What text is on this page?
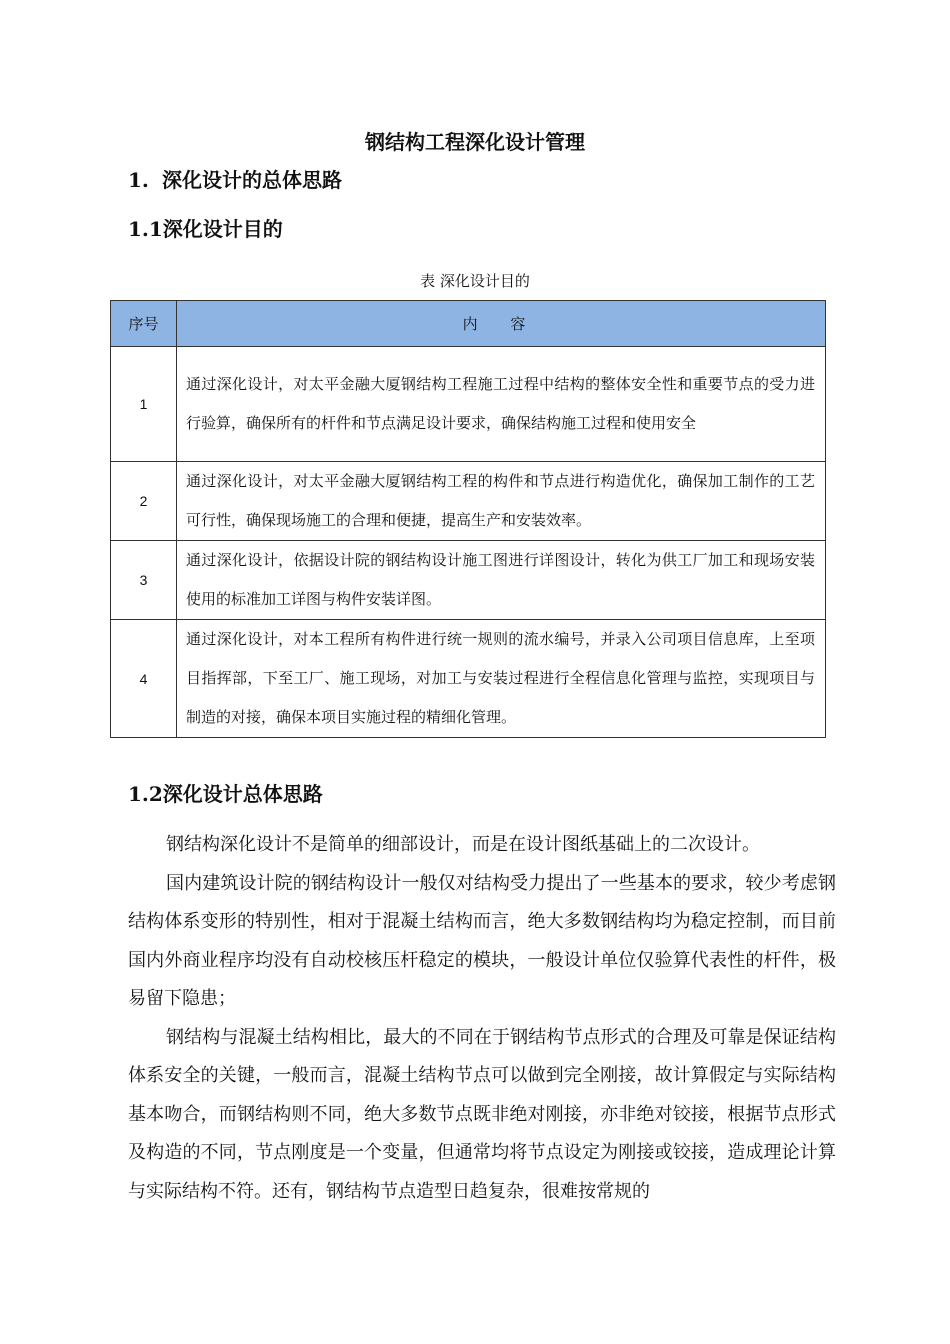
钢结构工程深化设计管理
1. 深化设计的总体思路
1.1深化设计目的
表 深化设计目的
序号	内 容
1	通过深化设计，对太平金融大厦钢结构工程施工过程中结构的整体安全性和重要节点的受力进行验算，确保所有的杆件和节点满足设计要求，确保结构施工过程和使用安全
2	通过深化设计，对太平金融大厦钢结构工程的构件和节点进行构造优化，确保加工制作的工艺可行性，确保现场施工的合理和便捷，提高生产和安装效率。
3	通过深化设计，依据设计院的钢结构设计施工图进行详图设计，转化为供工厂加工和现场安装使用的标准加工详图与构件安装详图。
4	通过深化设计，对本工程所有构件进行统一规则的流水编号，并录入公司项目信息库，上至项目指挥部，下至工厂、施工现场，对加工与安装过程进行全程信息化管理与监控，实现项目与制造的对接，确保本项目实施过程的精细化管理。
1.2深化设计总体思路

钢结构深化设计不是简单的细部设计，而是在设计图纸基础上的二次设计。

国内建筑设计院的钢结构设计一般仅对结构受力提出了一些基本的要求，较少考虑钢结构体系变形的特别性，相对于混凝土结构而言，绝大多数钢结构均为稳定控制，而目前国内外商业程序均没有自动校核压杆稳定的模块，一般设计单位仅验算代表性的杆件，极易留下隐患；

钢结构与混凝土结构相比，最大的不同在于钢结构节点形式的合理及可靠是保证结构体系安全的关键，一般而言，混凝土结构节点可以做到完全刚接，故计算假定与实际结构基本吻合，而钢结构则不同，绝大多数节点既非绝对刚接，亦非绝对铰接，根据节点形式及构造的不同，节点刚度是一个变量，但通常均将节点设定为刚接或铰接，造成理论计算与实际结构不符。还有，钢结构节点造型日趋复杂，很难按常规的
